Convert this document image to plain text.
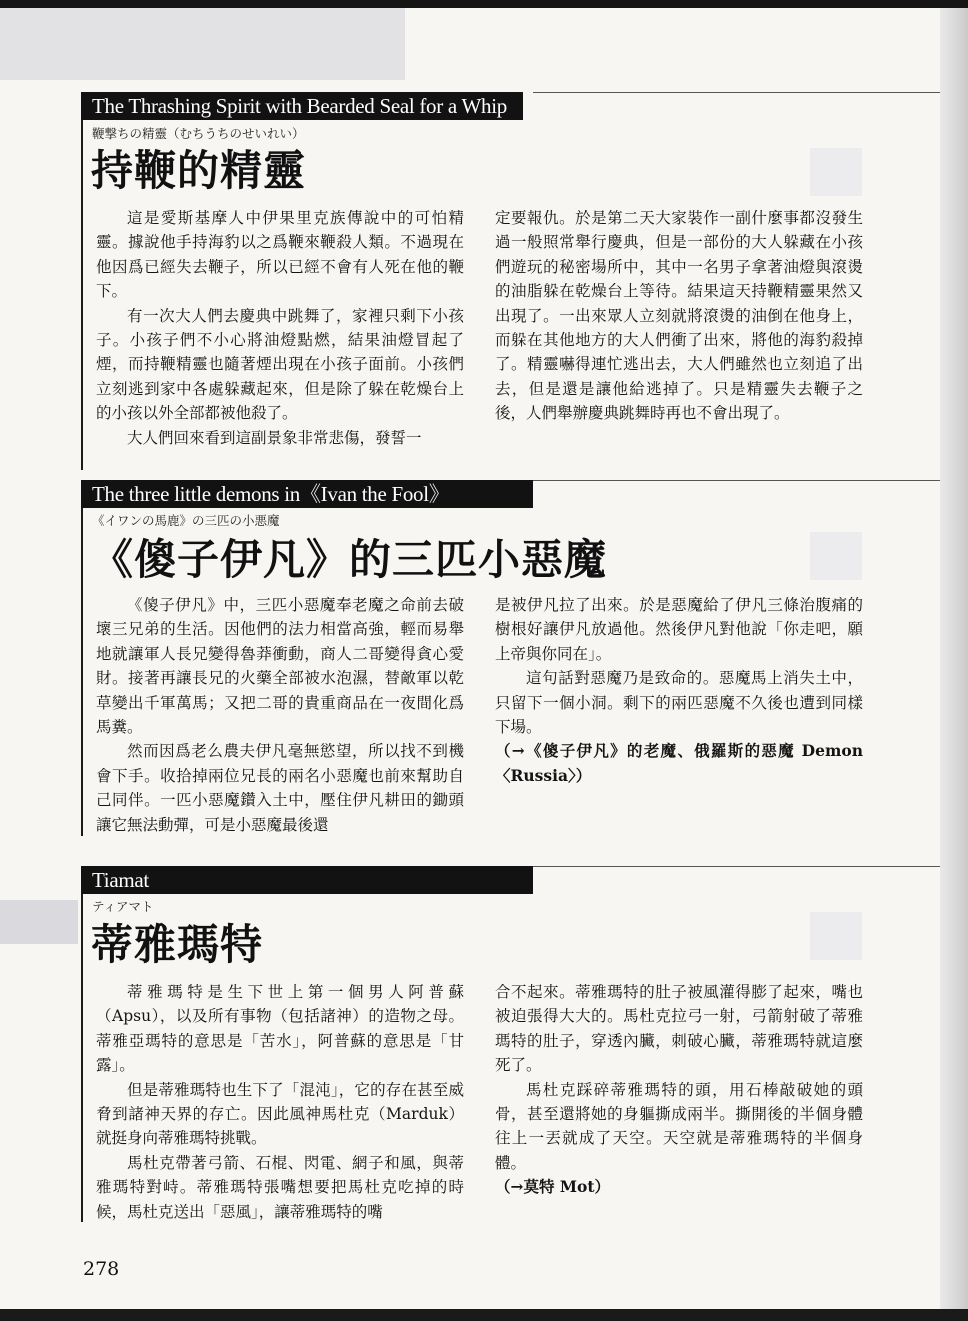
The Thrashing Spirit with Bearded Seal for a Whip
鞭撃ちの精靈（むちうちのせいれい）
持鞭的精靈

這是愛斯基摩人中伊果里克族傳說中的可怕精靈。據說他手持海豹以之爲鞭來鞭殺人類。不過現在他因爲已經失去鞭子，所以已經不會有人死在他的鞭下。

有一次大人們去慶典中跳舞了，家裡只剩下小孩子。小孩子們不小心將油燈點燃，結果油燈冒起了煙，而持鞭精靈也隨著煙出現在小孩子面前。小孩們立刻逃到家中各處躲藏起來，但是除了躲在乾燥台上的小孩以外全部都被他殺了。

大人們回來看到這副景象非常悲傷，發誓一

定要報仇。於是第二天大家裝作一副什麼事都沒發生過一般照常舉行慶典，但是一部份的大人躲藏在小孩們遊玩的秘密場所中，其中一名男子拿著油燈與滾燙的油脂躲在乾燥台上等待。結果這天持鞭精靈果然又出現了。一出來眾人立刻就將滾燙的油倒在他身上，而躲在其他地方的大人們衝了出來，將他的海豹殺掉了。精靈嚇得連忙逃出去，大人們雖然也立刻追了出去，但是還是讓他給逃掉了。只是精靈失去鞭子之後，人們舉辦慶典跳舞時再也不會出現了。

The three little demons in《Ivan the Fool》
《イワンの馬鹿》の三匹の小悪魔
《傻子伊凡》的三匹小惡魔

《傻子伊凡》中，三匹小惡魔奉老魔之命前去破壞三兄弟的生活。因他們的法力相當高強，輕而易舉地就讓軍人長兄變得魯莽衝動，商人二哥變得貪心愛財。接著再讓長兄的火藥全部被水泡濕，替敵軍以乾草變出千軍萬馬；又把二哥的貴重商品在一夜間化爲馬糞。

然而因爲老么農夫伊凡毫無慾望，所以找不到機會下手。收拾掉兩位兄長的兩名小惡魔也前來幫助自己同伴。一匹小惡魔鑽入土中，壓住伊凡耕田的鋤頭讓它無法動彈，可是小惡魔最後還

是被伊凡拉了出來。於是惡魔給了伊凡三條治腹痛的樹根好讓伊凡放過他。然後伊凡對他說「你走吧，願上帝與你同在」。

這句話對惡魔乃是致命的。惡魔馬上消失土中，只留下一個小洞。剩下的兩匹惡魔不久後也遭到同樣下場。

（→《傻子伊凡》的老魔、俄羅斯的惡魔 Demon〈Russia〉）

Tiamat
ティアマト
蒂雅瑪特

蒂雅瑪特是生下世上第一個男人阿普蘇（Apsu），以及所有事物（包括諸神）的造物之母。蒂雅亞瑪特的意思是「苦水」，阿普蘇的意思是「甘露」。

但是蒂雅瑪特也生下了「混沌」，它的存在甚至威脅到諸神天界的存亡。因此風神馬杜克（Marduk）就挺身向蒂雅瑪特挑戰。

馬杜克帶著弓箭、石棍、閃電、網子和風，與蒂雅瑪特對峙。蒂雅瑪特張嘴想要把馬杜克吃掉的時候，馬杜克送出「惡風」，讓蒂雅瑪特的嘴

合不起來。蒂雅瑪特的肚子被風灌得膨了起來，嘴也被迫張得大大的。馬杜克拉弓一射，弓箭射破了蒂雅瑪特的肚子，穿透內臟，刺破心臟，蒂雅瑪特就這麼死了。

馬杜克踩碎蒂雅瑪特的頭，用石棒敲破她的頭骨，甚至還將她的身軀撕成兩半。撕開後的半個身體往上一丟就成了天空。天空就是蒂雅瑪特的半個身體。

（→莫特 Mot）

278
